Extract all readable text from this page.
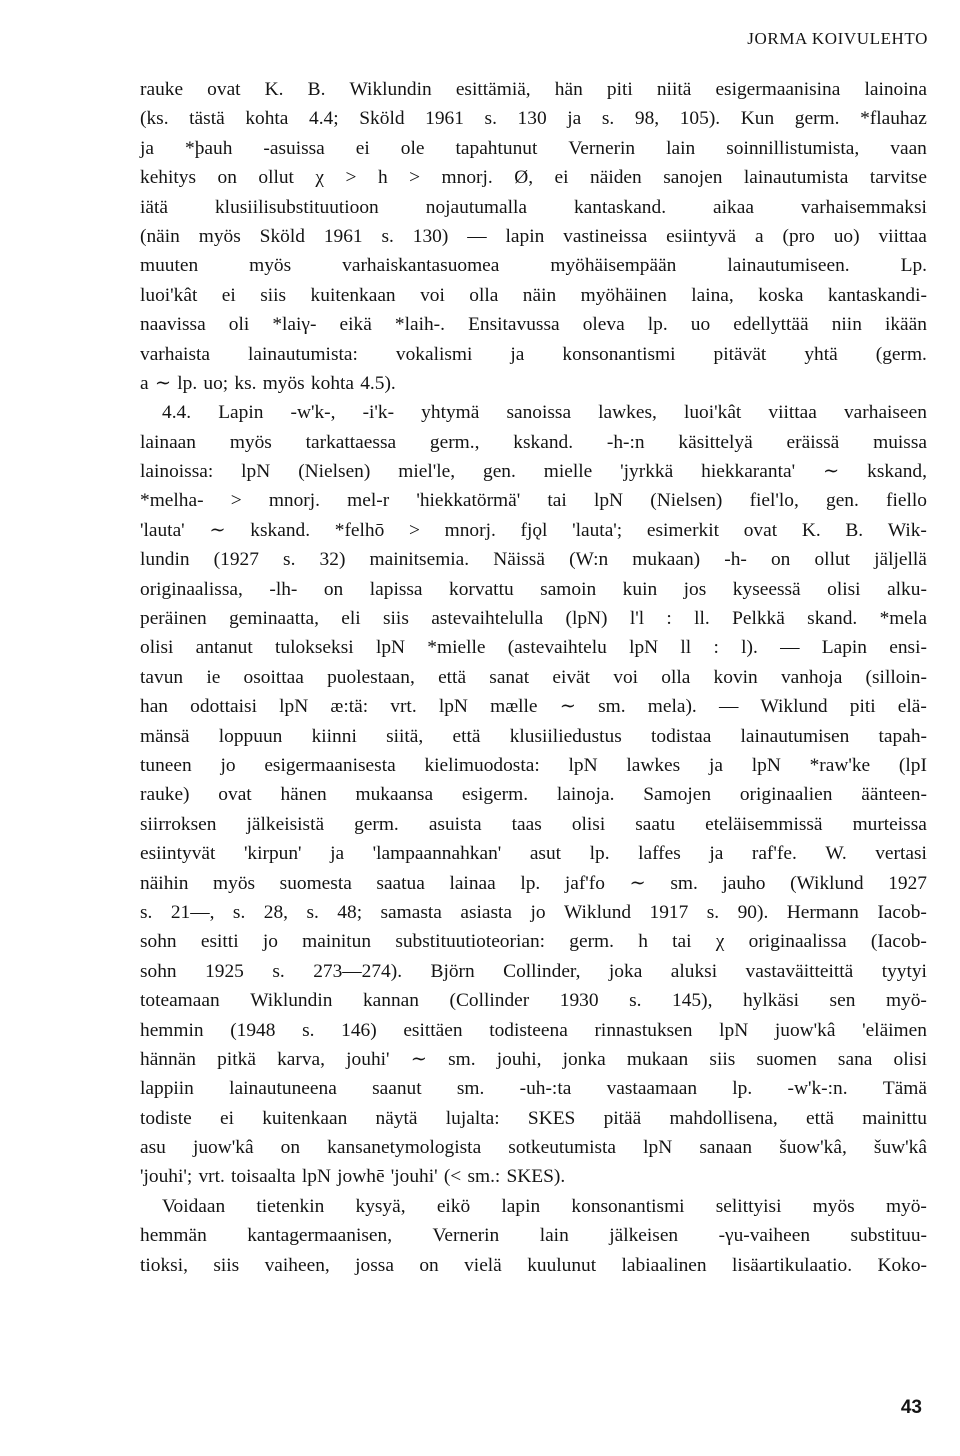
JORMA KOIVULEHTO
rauke ovat K. B. Wiklundin esittämiä, hän piti niitä esigermaanisina lainoina
(ks. tästä kohta 4.4; Sköld 1961 s. 130 ja s. 98, 105). Kun germ. *flauhaz
ja *þauh -asuissa ei ole tapahtunut Vernerin lain soinnillistumista, vaan
kehitys on ollut χ > h > mnorj. Ø, ei näiden sanojen lainautumista tarvitse
iätä klusiilisubstituutioon nojautumalla kantaskand. aikaa varhaisemmaksi
(näin myös Sköld 1961 s. 130) — lapin vastineissa esiintyvä a (pro uo) viittaa
muuten	myös	varhaiskantasuomea	myöhäisempään	lainautumiseen.	Lp.
luoi'kât ei siis kuitenkaan voi olla näin myöhäinen laina, koska kantaskandi-
naavissa oli *laiγ- eikä *laih-. Ensitavussa oleva lp. uo edellyttää niin ikään
varhaista lainautumista: vokalismi ja konsonantismi pitävät yhtä (germ.
a ∼ lp. uo; ks. myös kohta 4.5).
4.4. Lapin -w'k-, -i'k- yhtymä sanoissa lawkes, luoi'kât viittaa varhaiseen
lainaan myös tarkattaessa germ., kskand. -h-:n käsittelyä eräissä muissa
lainoissa: lpN (Nielsen) miel'le, gen. mielle 'jyrkkä hiekkaranta' ∼ kskand,
*melha- > mnorj. mel-r 'hiekkatörmä' tai lpN (Nielsen) fiel'lo, gen. fiello
'lauta' ∼ kskand. *felhō > mnorj. fjǫl 'lauta'; esimerkit ovat K. B. Wik-
lundin (1927 s. 32) mainitsemia. Näissä (W:n mukaan) -h- on ollut jäljellä
originaalissa, -lh- on lapissa korvattu samoin kuin jos kyseessä olisi alku-
peräinen geminaatta, eli siis astevaihtelulla (lpN) l'l : ll. Pelkkä skand. *mela
olisi antanut tulokseksi lpN *mielle (astevaihtelu lpN ll : l). — Lapin ensi-
tavun ie osoittaa puolestaan, että sanat eivät voi olla kovin vanhoja (silloin-
han odottaisi lpN æ:tä: vrt. lpN mælle ∼ sm. mela). — Wiklund piti elä-
mänsä loppuun kiinni siitä, että klusiiliedustus todistaa lainautumisen tapah-
tuneen jo esigermaanisesta kielimuodosta: lpN lawkes ja lpN *raw'ke (lpI
rauke) ovat hänen mukaansa esigerm. lainoja. Samojen originaalien äänteen-
siirroksen jälkeisistä germ. asuista taas olisi saatu eteläisemmissä murteissa
esiintyvät 'kirpun' ja 'lampaannahkan' asut lp. laffes ja raf'fe. W. vertasi
näihin myös suomesta saatua lainaa lp. jaf'fo ∼ sm. jauho (Wiklund 1927
s. 21—, s. 28, s. 48; samasta asiasta jo Wiklund 1917 s. 90). Hermann Iacob-
sohn esitti jo mainitun substituutioteorian: germ. h tai χ originaalissa (Iacob-
sohn 1925 s. 273—274). Björn Collinder, joka aluksi vastaväitteittä tyytyi
toteamaan Wiklundin kannan (Collinder 1930 s. 145), hylkäsi sen myö-
hemmin (1948 s. 146) esittäen todisteena rinnastuksen lpN juow'kâ 'eläimen
hännän pitkä karva, jouhi' ∼ sm. jouhi, jonka mukaan siis suomen sana olisi
lappiin lainautuneena saanut sm. -uh-:ta vastaamaan lp. -w'k-:n. Tämä
todiste ei kuitenkaan näytä lujalta: SKES pitää mahdollisena, että mainittu
asu juow'kâ on kansanetymologista sotkeutumista lpN sanaan šuow'kâ, šuw'kâ
'jouhi'; vrt. toisaalta lpN jowhē 'jouhi' (< sm.: SKES).
Voidaan tietenkin kysyä, eikö lapin konsonantismi selittyisi myös myö-
hemmän kantagermaanisen, Vernerin lain jälkeisen -γu-vaiheen substituu-
tioksi, siis vaiheen, jossa on vielä kuulunut labiaalinen lisäartikulaatio. Koko-
43
